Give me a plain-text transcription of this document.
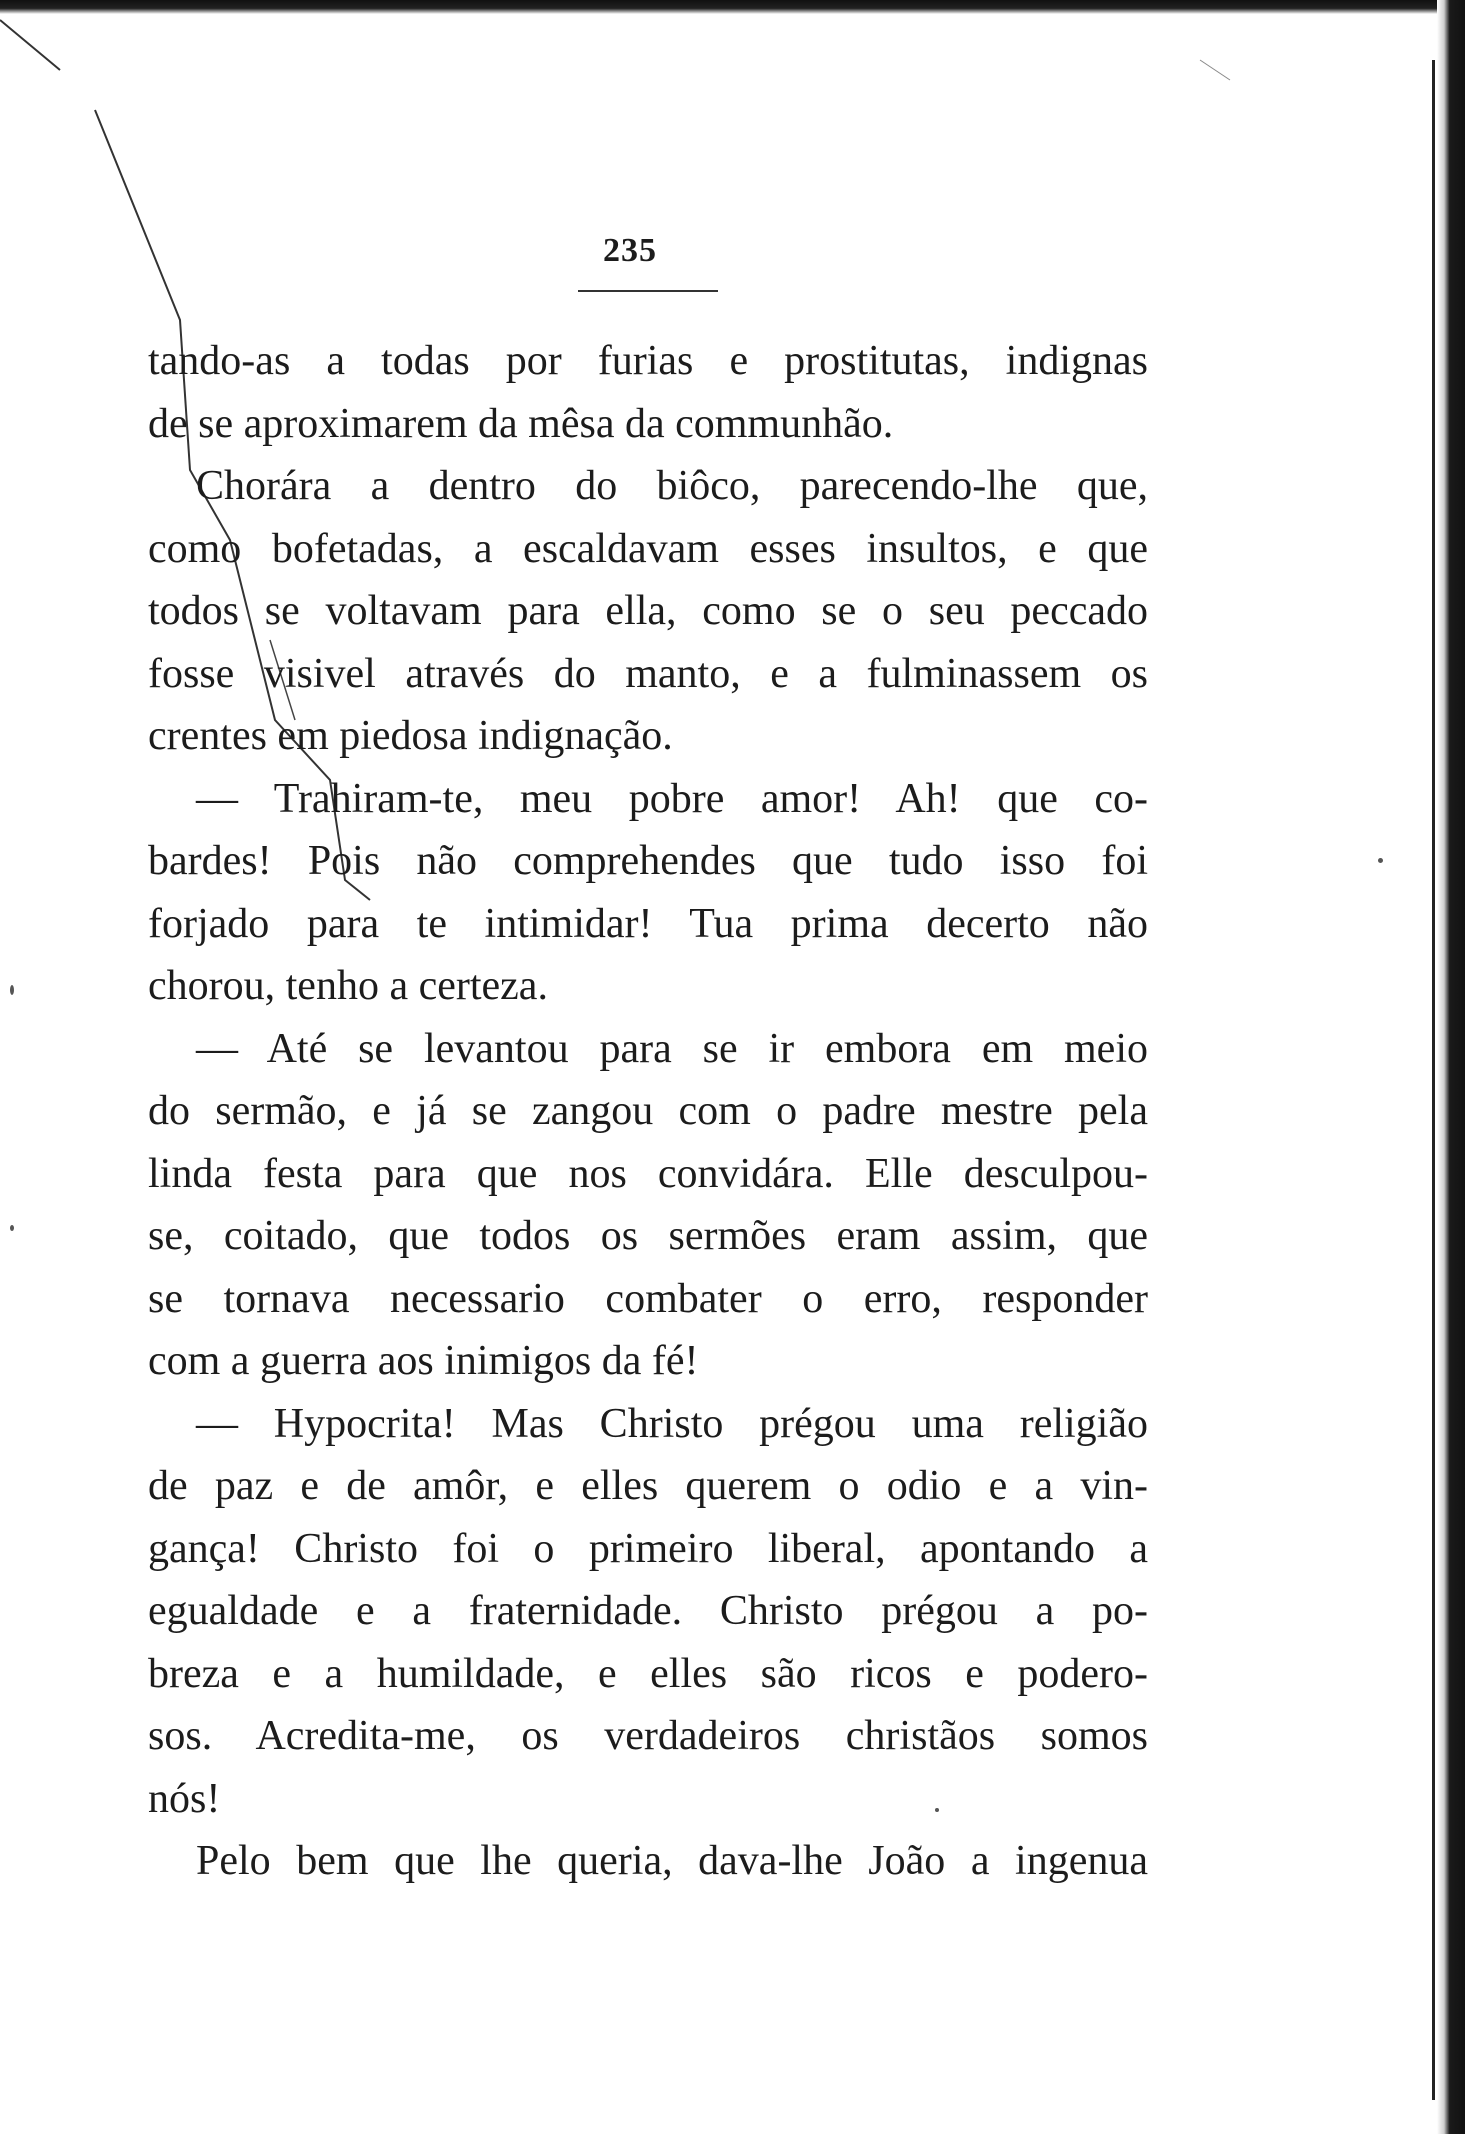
235
tando-as a todas por furias e prostitutas, indignas
de se aproximarem da mêsa da communhão.
Chorára a dentro do biôco, parecendo-lhe que,
como bofetadas, a escaldavam esses insultos, e que
todos se voltavam para ella, como se o seu peccado
fosse visivel através do manto, e a fulminassem os
crentes em piedosa indignação.
— Trahiram-te, meu pobre amor! Ah! que co-
bardes! Pois não comprehendes que tudo isso foi
forjado para te intimidar! Tua prima decerto não
chorou, tenho a certeza.
— Até se levantou para se ir embora em meio
do sermão, e já se zangou com o padre mestre pela
linda festa para que nos convidára. Elle desculpou-
se, coitado, que todos os sermões eram assim, que
se tornava necessario combater o erro, responder
com a guerra aos inimigos da fé!
— Hypocrita! Mas Christo prégou uma religião
de paz e de amôr, e elles querem o odio e a vin-
gança! Christo foi o primeiro liberal, apontando a
egualdade e a fraternidade. Christo prégou a po-
breza e a humildade, e elles são ricos e podero-
sos. Acredita-me, os verdadeiros christãos somos
nós!
Pelo bem que lhe queria, dava-lhe João a ingenua
